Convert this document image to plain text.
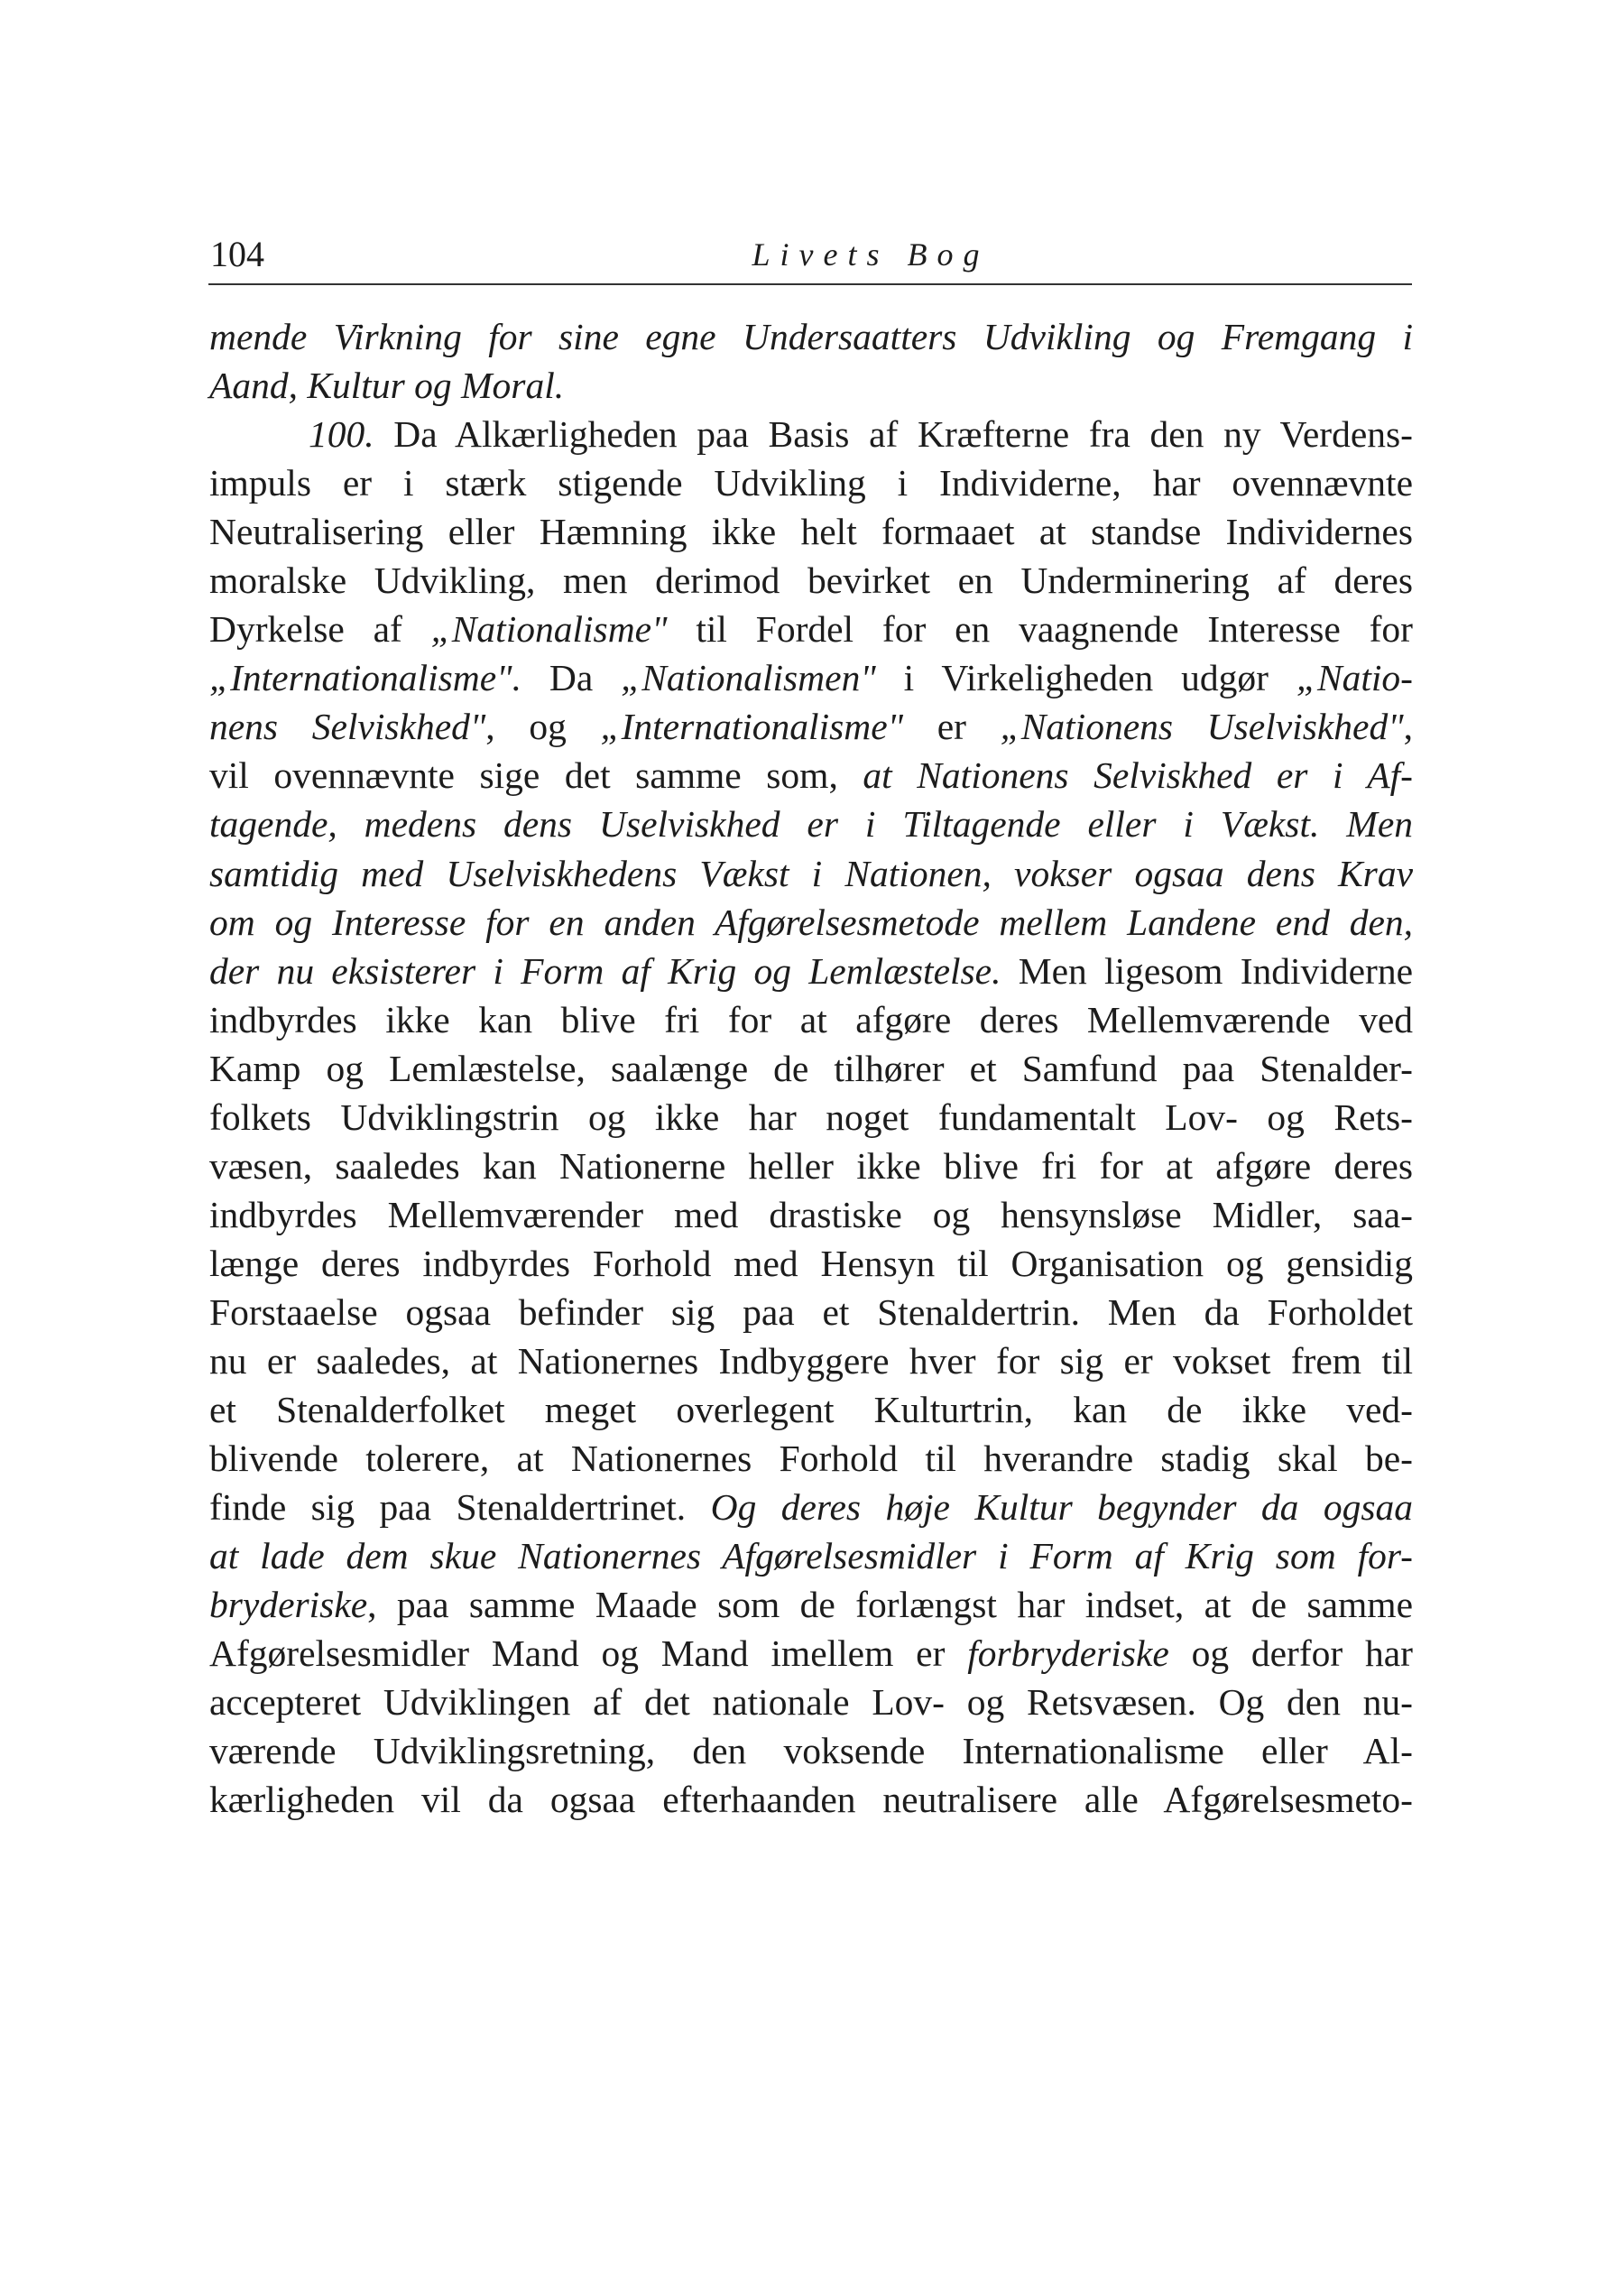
104	Livets Bog

mende Virkning for sine egne Undersaatters Udvikling og Fremgang i
Aand, Kultur og Moral.

100. Da Alkærligheden paa Basis af Kræfterne fra den ny Verdens-
impuls er i stærk stigende Udvikling i Individerne, har ovennævnte
Neutralisering eller Hæmning ikke helt formaaet at standse Individernes
moralske Udvikling, men derimod bevirket en Underminering af deres
Dyrkelse af „Nationalisme" til Fordel for en vaagnende Interesse for
„Internationalisme". Da „Nationalismen" i Virkeligheden udgør „Natio-
nens Selviskhed", og „Internationalisme" er „Nationens Uselviskhed",
vil ovennævnte sige det samme som, at Nationens Selviskhed er i Af-
tagende, medens dens Uselviskhed er i Tiltagende eller i Vækst. Men
samtidig med Uselviskhedens Vækst i Nationen, vokser ogsaa dens Krav
om og Interesse for en anden Afgørelsesmetode mellem Landene end den,
der nu eksisterer i Form af Krig og Lemlæstelse. Men ligesom Individerne
indbyrdes ikke kan blive fri for at afgøre deres Mellemværende ved
Kamp og Lemlæstelse, saalænge de tilhører et Samfund paa Stenalder-
folkets Udviklingstrin og ikke har noget fundamentalt Lov- og Rets-
væsen, saaledes kan Nationerne heller ikke blive fri for at afgøre deres
indbyrdes Mellemværender med drastiske og hensynsløse Midler, saa-
længe deres indbyrdes Forhold med Hensyn til Organisation og gensidig
Forstaaelse ogsaa befinder sig paa et Stenaldertrin. Men da Forholdet
nu er saaledes, at Nationernes Indbyggere hver for sig er vokset frem til
et Stenalderfolket meget overlegent Kulturtrin, kan de ikke ved-
blivende tolerere, at Nationernes Forhold til hverandre stadig skal be-
finde sig paa Stenaldertrinet. Og deres høje Kultur begynder da ogsaa
at lade dem skue Nationernes Afgørelsesmidler i Form af Krig som for-
bryderiske, paa samme Maade som de forlængst har indset, at de samme
Afgørelsesmidler Mand og Mand imellem er forbryderiske og derfor har
accepteret Udviklingen af det nationale Lov- og Retsvæsen. Og den nu-
værende Udviklingsretning, den voksende Internationalisme eller Al-
kærligheden vil da ogsaa efterhaanden neutralisere alle Afgørelsesmeto-
